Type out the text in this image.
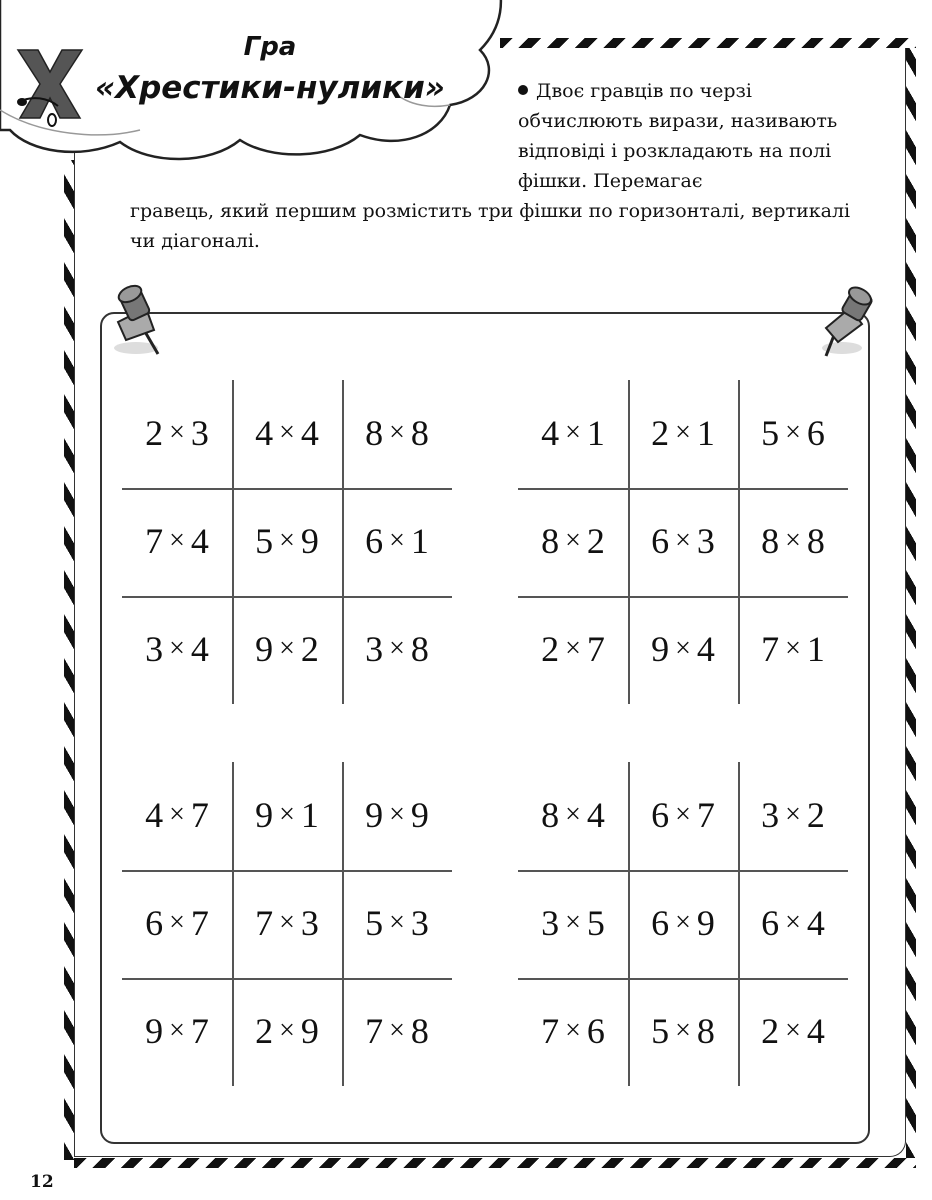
Гра
«Хрестики-нулики»	Двоє гравців по черзі обчислюють вирази, називають відповіді і розкладають на полі фішки. Перемагає

гравець, який першим розмістить три фішки по горизонталі, вертикалі чи діагоналі.

2 × 3 4 × 4 8 × 8
7 × 4 5 × 9 6 × 1
3 × 4 9 × 2 3 × 8
4 × 1 2 × 1 5 × 6
8 × 2 6 × 3 8 × 8
2 × 7 9 × 4 7 × 1
4 × 7 9 × 1 9 × 9
6 × 7 7 × 3 5 × 3
9 × 7 2 × 9 7 × 8
8 × 4 6 × 7 3 × 2
3 × 5 6 × 9 6 × 4
7 × 6 5 × 8 2 × 4
12
